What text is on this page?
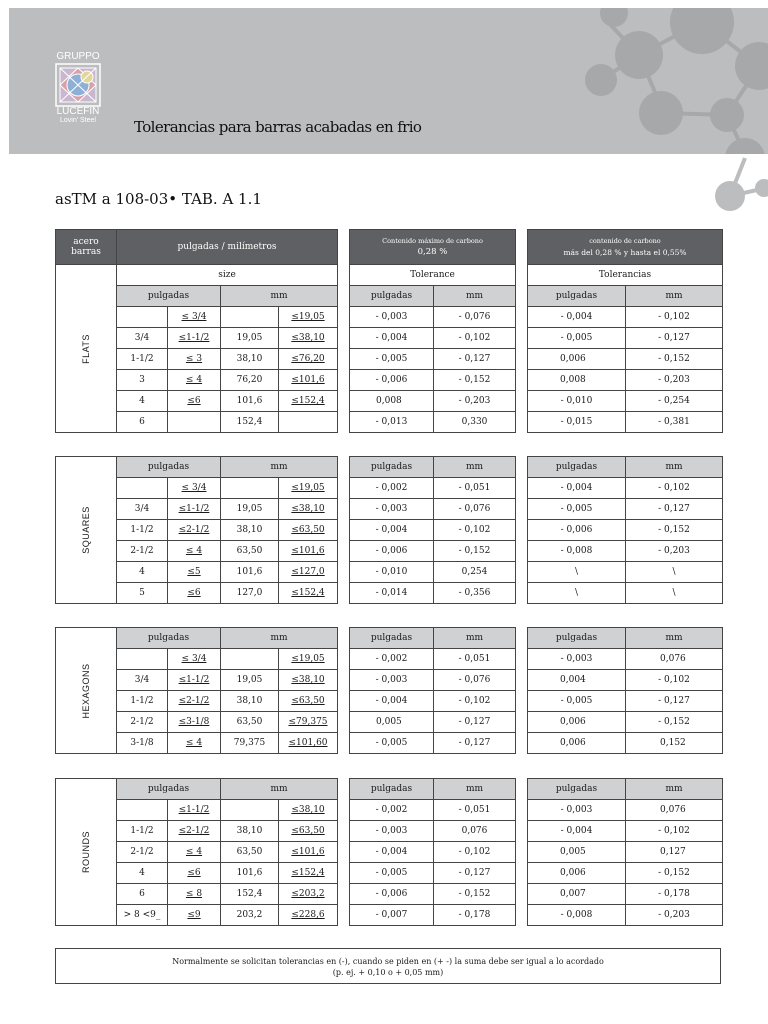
Tolerancias para barras acabadas en frio
GRUPPO
LUCEFIN
Lovin' Steel
asTM a 108-03• TAB. A 1.1
acero
barras	pulgadas / milímetros			

FLATS	size			
	pulgadas		mm	
		≤ 3/4		≤19,05
	3/4	≤1-1/2	19,05	≤38,10
	1-1/2	≤ 3	38,10	≤76,20
	3	≤ 4	76,20	≤101,6
	4	≤6	101,6	≤152,4
	6		152,4	
SQUARES	pulgadas		mm	
		≤ 3/4		≤19,05
	3/4	≤1-1/2	19,05	≤38,10
	1-1/2	≤2-1/2	38,10	≤63,50
	2-1/2	≤ 4	63,50	≤101,6
	4	≤5	101,6	≤127,0
	5	≤6	127,0	≤152,4
HEXAGONS	pulgadas		mm	
		≤ 3/4		≤19,05
	3/4	≤1-1/2	19,05	≤38,10
	1-1/2	≤2-1/2	38,10	≤63,50
	2-1/2	≤3-1/8	63,50	≤79,375
	3-1/8	≤ 4	79,375	≤101,60
ROUNDS	pulgadas		mm	
		≤1-1/2		≤38,10
	1-1/2	≤2-1/2	38,10	≤63,50
	2-1/2	≤ 4	63,50	≤101,6
	4	≤6	101,6	≤152,4
	6	≤ 8	152,4	≤203,2
	> 8 <9_	≤9	203,2	≤228,6
Contenido máximo de carbono
0,28 %	

Tolerance	
pulgadas	mm
- 0,003	- 0,076
- 0,004	- 0,102
- 0,005	- 0,127
- 0,006	- 0,152
0,008	- 0,203
- 0,013	0,330
pulgadas	mm
- 0,002	- 0,051
- 0,003	- 0,076
- 0,004	- 0,102
- 0,006	- 0,152
- 0,010	0,254
- 0,014	- 0,356
pulgadas	mm
- 0,002	- 0,051
- 0,003	- 0,076
- 0,004	- 0,102
0,005	- 0,127
- 0,005	- 0,127
pulgadas	mm
- 0,002	- 0,051
- 0,003	0,076
- 0,004	- 0,102
- 0,005	- 0,127
- 0,006	- 0,152
- 0,007	- 0,178
contenido de carbono
más del 0,28 % y hasta el 0,55%	

Tolerancias	
pulgadas	mm
- 0,004	- 0,102
- 0,005	- 0,127
0,006	- 0,152
0,008	- 0,203
- 0,010	- 0,254
- 0,015	- 0,381
pulgadas	mm
- 0,004	- 0,102
- 0,005	- 0,127
- 0,006	- 0,152
- 0,008	- 0,203
\	\
\	\
pulgadas	mm
- 0,003	0,076
0,004	- 0,102
- 0,005	- 0,127
0,006	- 0,152
0,006	0,152
pulgadas	mm
- 0,003	0,076
- 0,004	- 0,102
0,005	0,127
0,006	- 0,152
0,007	- 0,178
- 0,008	- 0,203
Normalmente se solicitan tolerancias en (-), cuando se piden en (+ -) la suma debe ser igual a lo acordado
(p. ej. + 0,10 o + 0,05 mm)
